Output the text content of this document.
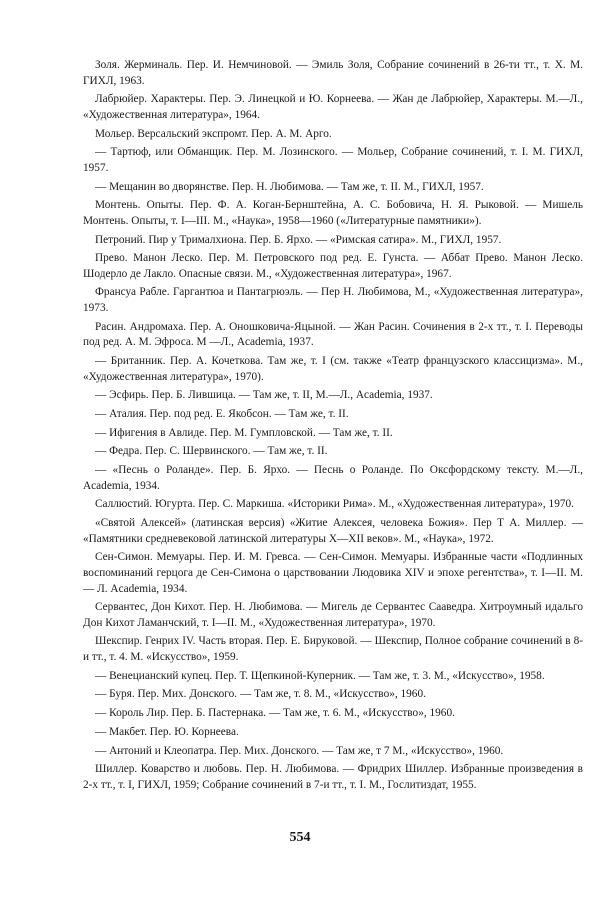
Золя. Жерминаль. Пер. И. Немчиновой. — Эмиль Золя, Собрание сочинений в 26-ти тт., т. X. М. ГИХЛ, 1963.

Лабрюйер. Характеры. Пер. Э. Линецкой и Ю. Корнеева. — Жан де Лабрюйер, Характеры. М.—Л., «Художественная литература», 1964.

Мольер. Версальский экспромт. Пер. А. М. Арго.

— Тартюф, или Обманщик. Пер. М. Лозинского. — Мольер, Собрание сочинений, т. I. М. ГИХЛ, 1957.

— Мещанин во дворянстве. Пер. Н. Любимова. — Там же, т. II. М., ГИХЛ, 1957.

Монтень. Опыты. Пер. Ф. А. Коган-Бернштейна, А. С. Бобовича, Н. Я. Рыковой. — Мишель Монтень. Опыты, т. I—III. М., «Наука», 1958—1960 («Литературные памятники»).

Петроний. Пир у Трималхиона. Пер. Б. Ярхо. — «Римская сатира». М., ГИХЛ, 1957.

Прево. Манон Леско. Пер. М. Петровского под ред. Е. Гунста. — Аббат Прево. Манон Леско. Шодерло де Лакло. Опасные связи. М., «Художественная литература», 1967.

Франсуа Рабле. Гаргантюа и Пантагрюэль. — Пер Н. Любимова, М., «Художественная литература», 1973.

Расин. Андромаха. Пер. А. Оношковича-Яцыной. — Жан Расин. Сочинения в 2-х тт., т. I. Переводы под ред. А. М. Эфроса. М —Л., Academia, 1937.

— Британник. Пер. А. Кочеткова. Там же, т. I (см. также «Театр французского классицизма». М., «Художественная литература», 1970).

— Эсфирь. Пер. Б. Лившица. — Там же, т. II, М.—Л., Academia, 1937.

— Аталия. Пер. под ред. Е. Якобсон. — Там же, т. II.

— Ифигения в Авлиде. Пер. М. Гумпловской. — Там же, т. II.

— Федра. Пер. С. Шервинского. — Там же, т. II.

— «Песнь о Роланде». Пер. Б. Ярхо. — Песнь о Роланде. По Оксфордскому тексту. М.—Л., Academia, 1934.

Саллюстий. Югурта. Пер. С. Маркиша. «Историки Рима». М., «Художественная литература», 1970.

«Святой Алексей» (латинская версия) «Житие Алексея, человека Божия». Пер Т А. Миллер. — «Памятники средневековой латинской литературы X—XII веков». М., «Наука», 1972.

Сен-Симон. Мемуары. Пер. И. М. Гревса. — Сен-Симон. Мемуары. Избранные части «Подлинных воспоминаний герцога де Сен-Симона о царствовании Людовика XIV и эпохе регентства», т. I—II. М.— Л. Academia, 1934.

Сервантес, Дон Кихот. Пер. Н. Любимова. — Мигель де Сервантес Сааведра. Хитроумный идальго Дон Кихот Ламанчский, т. I—II. М., «Художественная литература», 1970.

Шекспир. Генрих IV. Часть вторая. Пер. Е. Бируковой. — Шекспир, Полное собрание сочинений в 8-и тт., т. 4. М. «Искусство», 1959.

— Венецианский купец. Пер. Т. Щепкиной-Куперник. — Там же, т. 3. М., «Искусство», 1958.

— Буря. Пер. Мих. Донского. — Там же, т. 8. М., «Искусство», 1960.

— Король Лир. Пер. Б. Пастернака. — Там же, т. 6. М., «Искусство», 1960.

— Макбет. Пер. Ю. Корнеева.

— Антоний и Клеопатра. Пер. Мих. Донского. — Там же, т 7 М., «Искусство», 1960.

Шиллер. Коварство и любовь. Пер. Н. Любимова. — Фридрих Шиллер. Избранные произведения в 2-х тт., т. I, ГИХЛ, 1959; Собрание сочинений в 7-и тт., т. I. М., Гослитиздат, 1955.

554
